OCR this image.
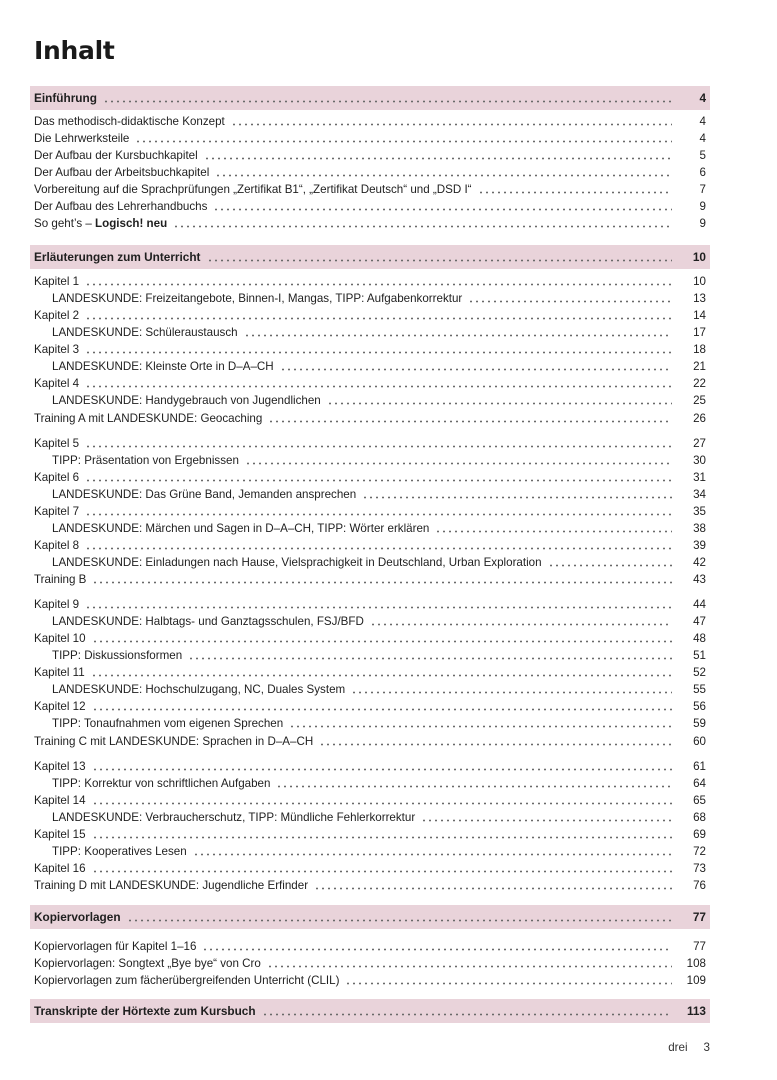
Inhalt
Einführung	4
Das methodisch-didaktische Konzept	4
Die Lehrwerksteile	4
Der Aufbau der Kursbuchkapitel	5
Der Aufbau der Arbeitsbuchkapitel	6
Vorbereitung auf die Sprachprüfungen „Zertifikat B1“, „Zertifikat Deutsch“ und „DSD I“	7
Der Aufbau des Lehrerhandbuchs	9
So geht’s – Logisch! neu	9
Erläuterungen zum Unterricht	10
Kapitel 1	10
LANDESKUNDE: Freizeitangebote, Binnen-I, Mangas, TIPP: Aufgabenkorrektur	13
Kapitel 2	14
LANDESKUNDE: Schüleraustausch	17
Kapitel 3	18
LANDESKUNDE: Kleinste Orte in D–A–CH	21
Kapitel 4	22
LANDESKUNDE: Handygebrauch von Jugendlichen	25
Training A mit LANDESKUNDE: Geocaching	26
Kapitel 5	27
TIPP: Präsentation von Ergebnissen	30
Kapitel 6	31
LANDESKUNDE: Das Grüne Band, Jemanden ansprechen	34
Kapitel 7	35
LANDESKUNDE: Märchen und Sagen in D–A–CH, TIPP: Wörter erklären	38
Kapitel 8	39
LANDESKUNDE: Einladungen nach Hause, Vielsprachigkeit in Deutschland, Urban Exploration	42
Training B	43
Kapitel 9	44
LANDESKUNDE: Halbtags- und Ganztagsschulen, FSJ/BFD	47
Kapitel 10	48
TIPP: Diskussionsformen	51
Kapitel 11	52
LANDESKUNDE: Hochschulzugang, NC, Duales System	55
Kapitel 12	56
TIPP: Tonaufnahmen vom eigenen Sprechen	59
Training C mit LANDESKUNDE: Sprachen in D–A–CH	60
Kapitel 13	61
TIPP: Korrektur von schriftlichen Aufgaben	64
Kapitel 14	65
LANDESKUNDE: Verbraucherschutz, TIPP: Mündliche Fehlerkorrektur	68
Kapitel 15	69
TIPP: Kooperatives Lesen	72
Kapitel 16	73
Training D mit LANDESKUNDE: Jugendliche Erfinder	76
Kopiervorlagen	77
Kopiervorlagen für Kapitel 1–16	77
Kopiervorlagen: Songtext „Bye bye“ von Cro	108
Kopiervorlagen zum fächerübergreifenden Unterricht (CLIL)	109
Transkripte der Hörtexte zum Kursbuch	113
drei 3
